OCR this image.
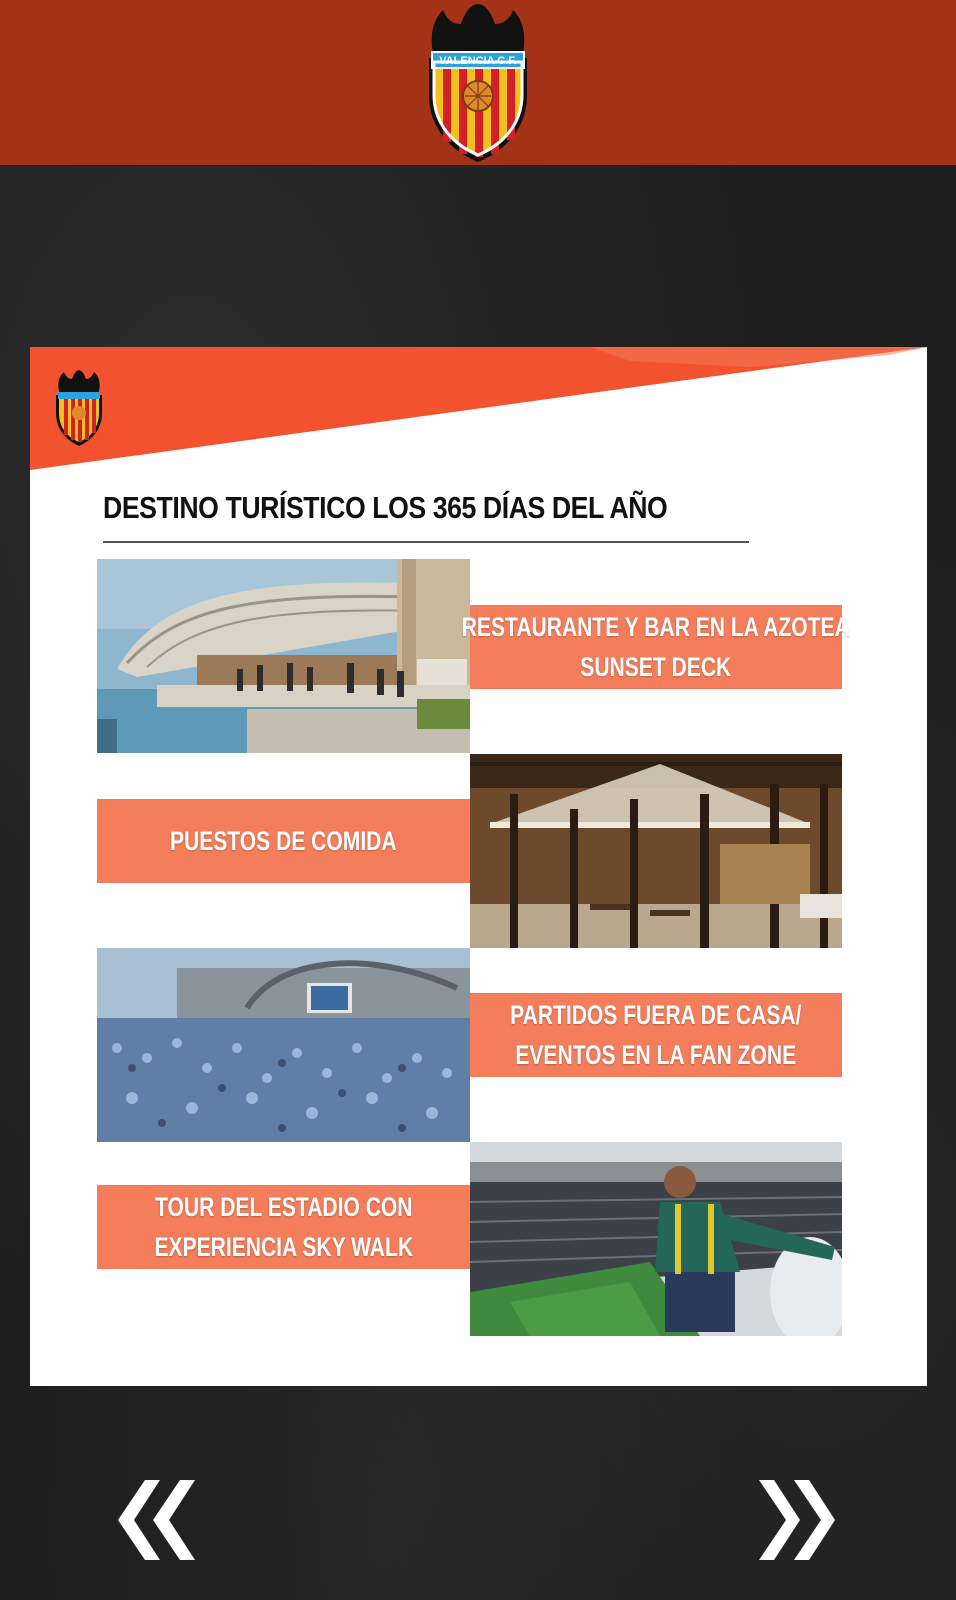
VALENCIA C.F.
DESTINO TURÍSTICO LOS 365 DÍAS DEL AÑO
RESTAURANTE Y BAR EN LA AZOTEA
SUNSET DECK
PUESTOS DE COMIDA
PARTIDOS FUERA DE CASA/
EVENTOS EN LA FAN ZONE
TOUR DEL ESTADIO CON
EXPERIENCIA SKY WALK
